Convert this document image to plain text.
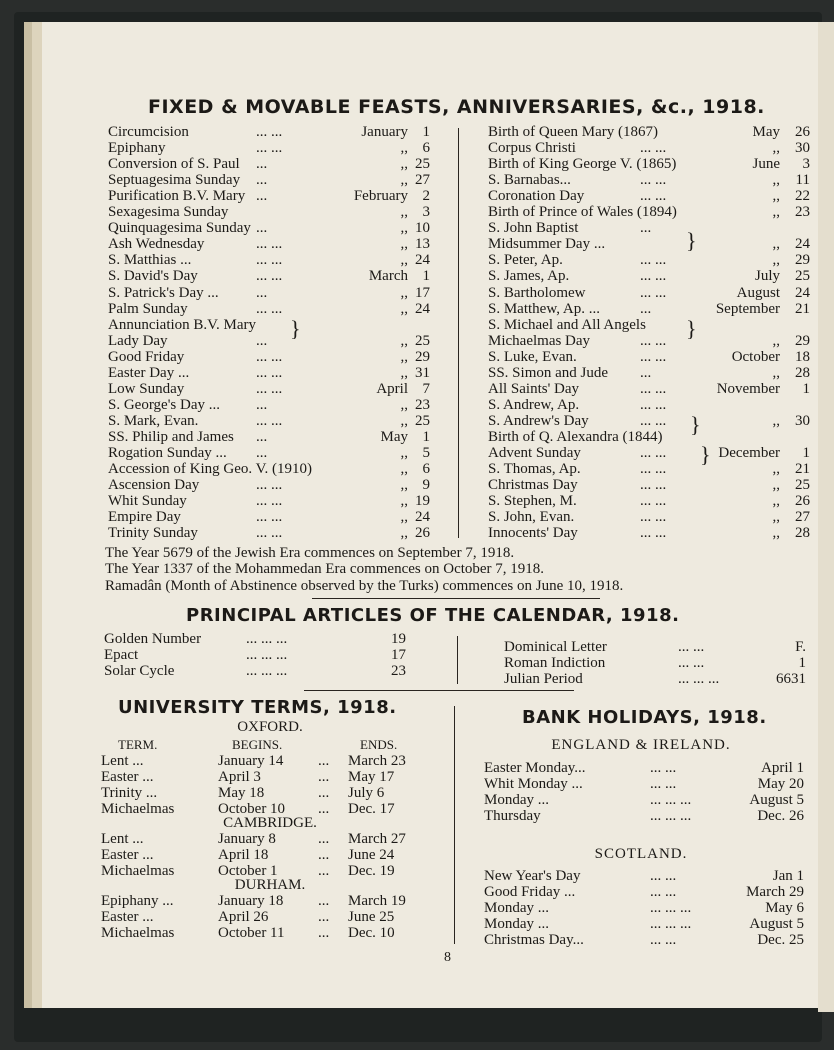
FIXED & MOVABLE FEASTS, ANNIVERSARIES, &c., 1918.
Circumcision	... ...	January 1
Epiphany	... ...	,, 6
Conversion of S. Paul ...	,, 25
Septuagesima Sunday ...	,, 27
Purification B.V. Mary ...	February 2
Sexagesima Sunday	,, 3
Quinquagesima Sunday ...	,, 10
Ash Wednesday	... ...	,, 13
S. Matthias ...	... ...	,, 24
S. David's Day	... ...	March 1
S. Patrick's Day ... ...	,, 17
Palm Sunday	... ...	,, 24
Annunciation B.V. Mary
Lady Day	...	,, 25
Good Friday	... ...	,, 29
Easter Day ...	... ...	,, 31
Low Sunday	... ...	April 7
S. George's Day ... ...	,, 23
S. Mark, Evan.	... ...	,, 25
SS. Philip and James ...	May 1
Rogation Sunday ... ...	,, 5
Accession of King Geo. V. (1910)	,, 6
Ascension Day	... ...	,, 9
Whit Sunday	... ...	,, 19
Empire Day	... ...	,, 24
Trinity Sunday	... ...	,, 26
Birth of Queen Mary (1867)	May	26
Corpus Christi	... ...	,,	30
Birth of King George V. (1865)	June	3
S. Barnabas...	... ...	,,	11
Coronation Day	... ...	,,	22
Birth of Prince of Wales (1894)	,,	23
S. John Baptist	...
Midsummer Day ...	,,	24
S. Peter, Ap.	... ...	,,	29
S. James, Ap.	... ...	July	25
S. Bartholomew	... ...	August	24
S. Matthew, Ap. ...	...	September	21
S. Michael and All Angels
Michaelmas Day	... ...	,,	29
S. Luke, Evan.	... ...	October	18
SS. Simon and Jude ...	,,	28
All Saints' Day	... ...	November	1
S. Andrew, Ap.	... ...
S. Andrew's Day	... ...	,,	30
Birth of Q. Alexandra (1844)
Advent Sunday	... ...	December	1
S. Thomas, Ap.	... ...	,,	21
Christmas Day	... ...	,,	25
S. Stephen, M.	... ...	,,	26
S. John, Evan.	... ...	,,	27
Innocents' Day	... ...	,,	28
The Year 5679 of the Jewish Era commences on September 7, 1918.
The Year 1337 of the Mohammedan Era commences on October 7, 1918.
Ramadân (Month of Abstinence observed by the Turks) commences on June 10, 1918.
PRINCIPAL ARTICLES OF THE CALENDAR, 1918.
Golden Number	... ... ...	19
Epact	... ... ...	17
Solar Cycle	... ... ...	23
Dominical Letter	... ...	F.
Roman Indiction	... ...	1
Julian Period	... ... ...	6631
UNIVERSITY TERMS, 1918.
TERM.	BEGINS.	ENDS.
OXFORD.
Lent ...	January 14 ... March 23
Easter ...	April 3	... May 17
Trinity ...	May 18	... July 6
Michaelmas	October 10 ... Dec. 17
CAMBRIDGE.
Lent ...	January 8	... March 27
Easter ...	April 18	... June 24
Michaelmas	October 1	... Dec. 19
DURHAM.
Epiphany ...	January 18 ... March 19
Easter ...	April 26	... June 25
Michaelmas	October 11 ... Dec. 10
BANK HOLIDAYS, 1918.
ENGLAND & IRELAND.
Easter Monday...	... ...	April 1
Whit Monday ...	... ...	May 20
Monday ...	... ... ...	August 5
Thursday	... ... ...	Dec. 26
SCOTLAND.
New Year's Day	... ...	Jan 1
Good Friday ...	... ...	March 29
Monday ...	... ... ...	May 6
Monday ...	... ... ...	August 5
Christmas Day...	... ...	Dec. 25
8
}
}
}
}
}
